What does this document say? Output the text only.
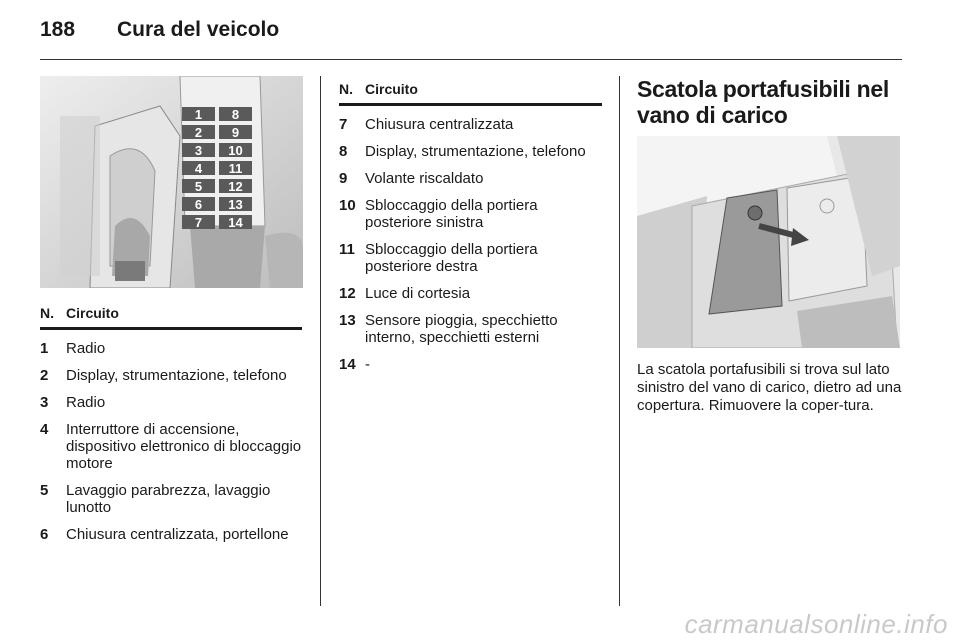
188 Cura del veicolo
1 8
2 9
3 10
4 11
5 12
6 13
7 14
N. Circuito
1	Radio
2	Display, strumentazione, telefono
3	Radio
4	Interruttore di accensione, dispositivo elettronico di bloccaggio motore
5	Lavaggio parabrezza, lavaggio lunotto
6	Chiusura centralizzata, portellone
N. Circuito
7	Chiusura centralizzata
8	Display, strumentazione, telefono
9	Volante riscaldato
10 Sbloccaggio della portiera posteriore sinistra
11 Sbloccaggio della portiera posteriore destra
12 Luce di cortesia
13 Sensore pioggia, specchietto interno, specchietti esterni
14 -
Scatola portafusibili nel vano di carico
La scatola portafusibili si trova sul lato sinistro del vano di carico, dietro ad una copertura. Rimuovere la coper-tura.
carmanualsonline.info
